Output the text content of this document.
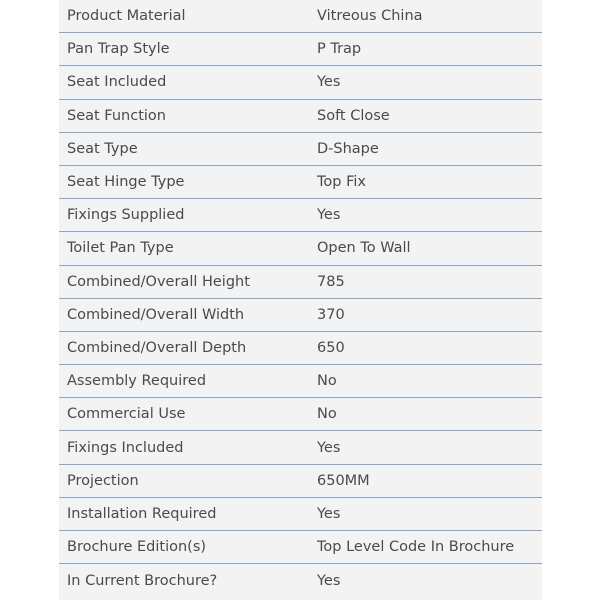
Product Material	Vitreous China
Pan Trap Style	P Trap
Seat Included	Yes
Seat Function	Soft Close
Seat Type	D-Shape
Seat Hinge Type	Top Fix
Fixings Supplied	Yes
Toilet Pan Type	Open To Wall
Combined/Overall Height	785
Combined/Overall Width	370
Combined/Overall Depth	650
Assembly Required	No
Commercial Use	No
Fixings Included	Yes
Projection	650MM
Installation Required	Yes
Brochure Edition(s)	Top Level Code In Brochure
In Current Brochure?	Yes
